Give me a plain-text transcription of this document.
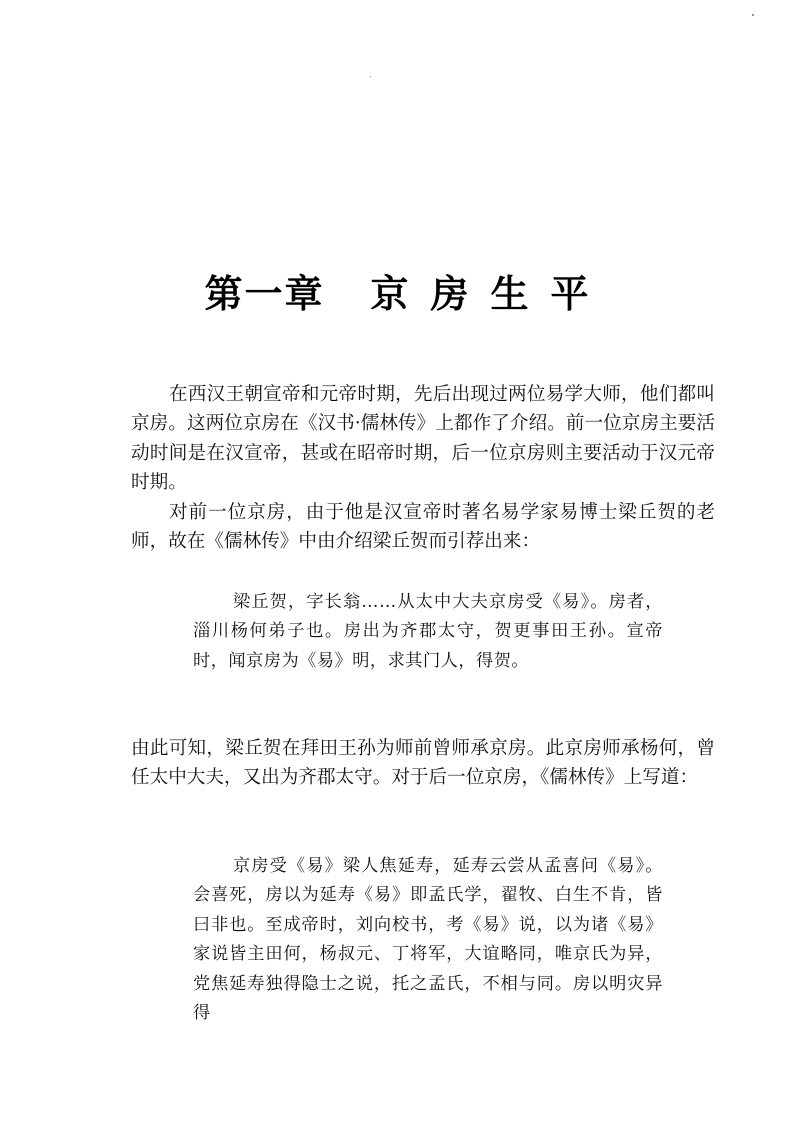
第一章 京房生平

在西汉王朝宣帝和元帝时期，先后出现过两位易学大师，他们都叫京房。这两位京房在《汉书·儒林传》上都作了介绍。前一位京房主要活动时间是在汉宣帝，甚或在昭帝时期，后一位京房则主要活动于汉元帝时期。

对前一位京房，由于他是汉宣帝时著名易学家易博士梁丘贺的老师，故在《儒林传》中由介绍梁丘贺而引荐出来：

梁丘贺，字长翁……从太中大夫京房受《易》。房者，淄川杨何弟子也。房出为齐郡太守，贺更事田王孙。宣帝时，闻京房为《易》明，求其门人，得贺。

由此可知，梁丘贺在拜田王孙为师前曾师承京房。此京房师承杨何，曾任太中大夫，又出为齐郡太守。对于后一位京房，《儒林传》上写道：

京房受《易》梁人焦延寿，延寿云尝从孟喜问《易》。会喜死，房以为延寿《易》即孟氏学，翟牧、白生不肯，皆曰非也。至成帝时，刘向校书，考《易》说，以为诸《易》家说皆主田何，杨叔元、丁将军，大谊略同，唯京氏为异，党焦延寿独得隐士之说，托之孟氏，不相与同。房以明灾异得
